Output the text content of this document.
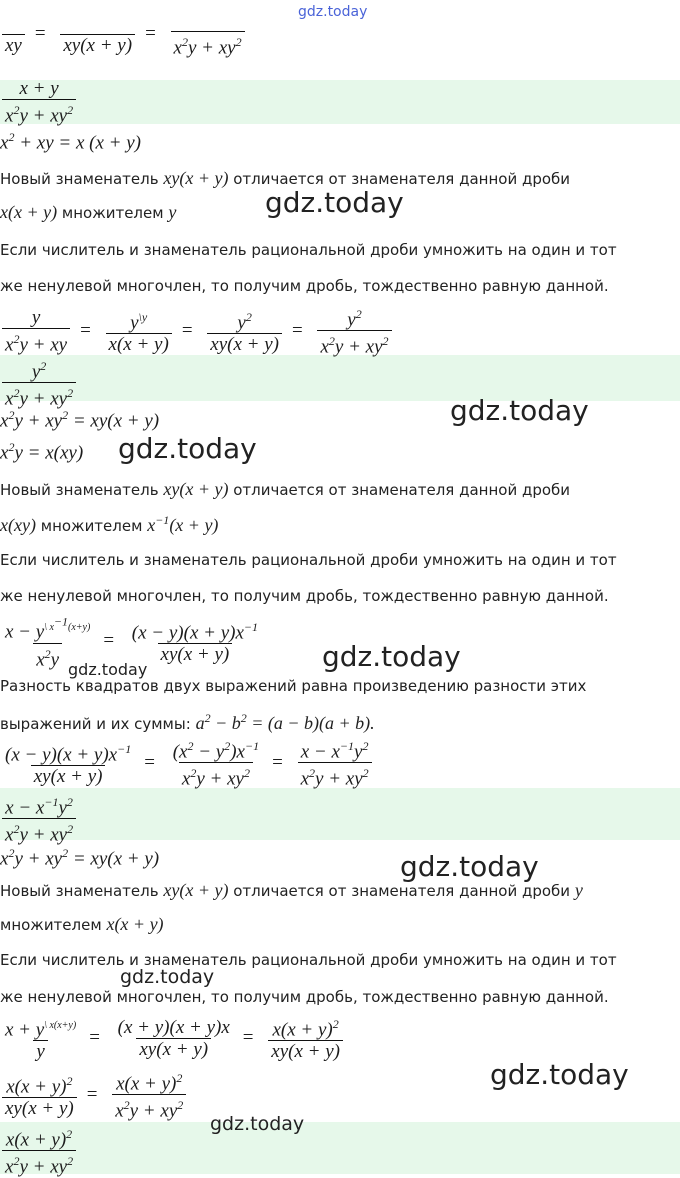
gdz.today

xy
=

xy(x + y)
=

$x^2y + xy^2$
$\frac{x + y}{x^2y + xy^2}$
$x^2$ + xy = x (x + y)
Новый знаменатель xy(x + y) отличается от знаменателя данной дроби
x(x + y) множителем y	gdz.today
Если числитель и знаменатель рациональной дроби умножить на один и тот
же ненулевой многочлен, то получим дробь, тождественно равную данной.
$\frac{y}{x^2y + xy} = \frac{y^{\backslash y}}{x(x + y)} = \frac{y^2}{xy(x + y)} = \frac{y^2}{x^2y + xy^2}$
$\frac{y^2}{x^2y + xy^2}$
$x^2y + xy^2 = xy(x + y)$	gdz.today
$x^2y = x(xy)$ gdz.today
Новый знаменатель xy(x + y) отличается от знаменателя данной дроби
x(xy) множителем $x^{-1}(x + y)$
Если числитель и знаменатель рациональной дроби умножить на один и тот
же ненулевой многочлен, то получим дробь, тождественно равную данной.
$\frac{x - y^{\backslash x^{-1}(x+y)}}{x^2y} = \frac{(x - y)(x + y)x^{-1}}{xy(x + y)}$
gdz.today	gdz.today
Разность квадратов двух выражений равна произведению разности этих
выражений и их суммы: $a^2 - b^2 = (a - b)(a + b)$.
$\frac{(x - y)(x + y)x^{-1}}{xy(x + y)} = \frac{(x^2 - y^2)x^{-1}}{x^2y + xy^2} = \frac{x - x^{-1}y^2}{x^2y + xy^2}$
$\frac{x - x^{-1}y^2}{x^2y + xy^2}$
$x^2y + xy^2 = xy(x + y)$	gdz.today
Новый знаменатель xy(x + y) отличается от знаменателя данной дроби y
множителем x(x + y)
Если числитель и знаменатель рациональной дроби умножить на один и тот
gdz.today
же ненулевой многочлен, то получим дробь, тождественно равную данной.
$\frac{x + y^{\backslash x(x+y)}}{y} = \frac{(x + y)(x + y)x}{xy(x + y)} = \frac{x(x + y)^2}{xy(x + y)}$
gdz.today
$\frac{x(x + y)^2}{xy(x + y)} = \frac{x(x + y)^2}{x^2y + xy^2}$
gdz.today
$\frac{x(x + y)^2}{x^2y + xy^2}$
